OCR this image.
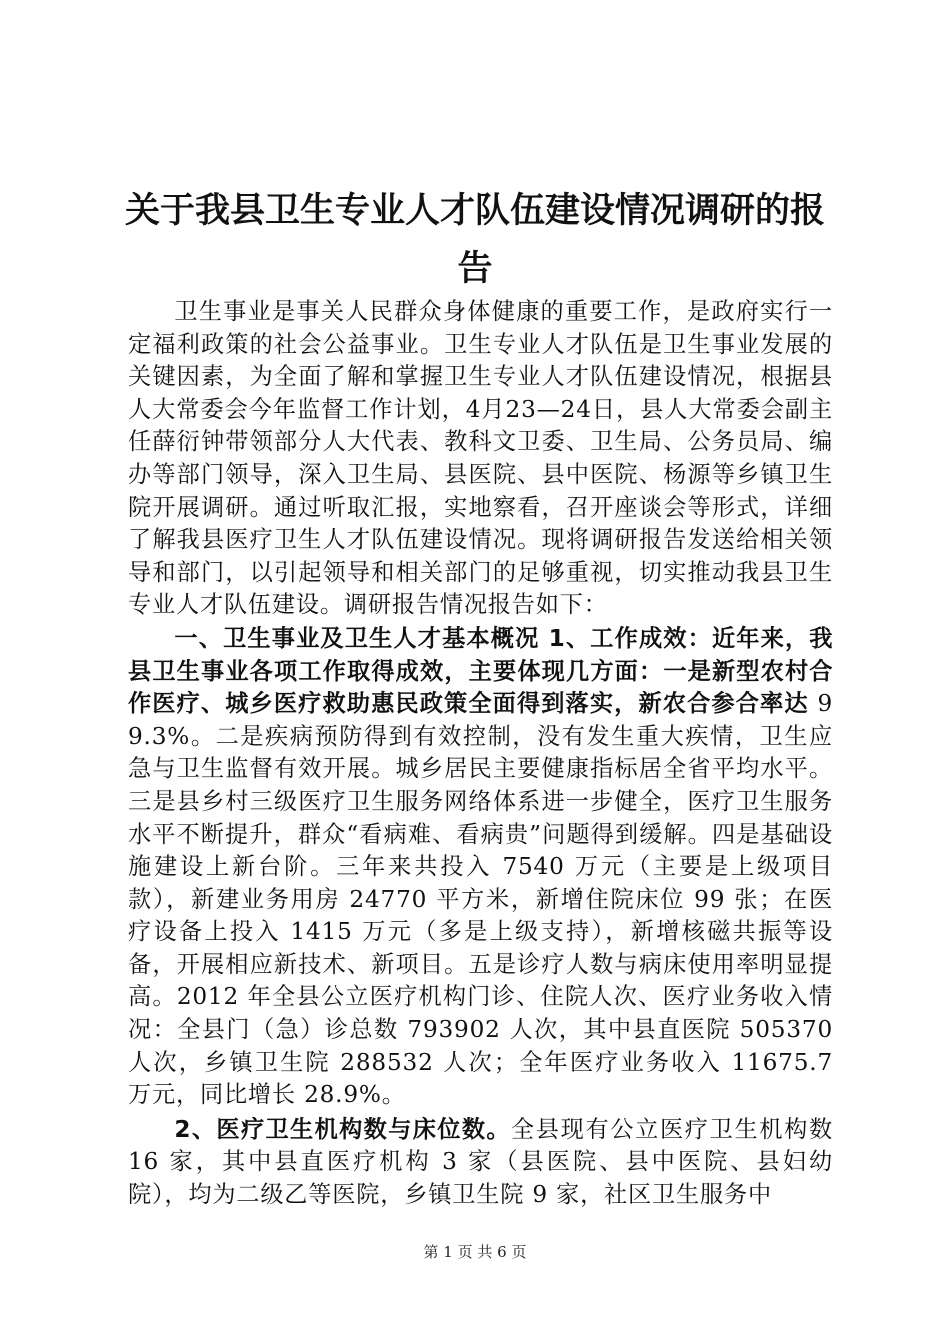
关于我县卫生专业人才队伍建设情况调研的报告

卫生事业是事关人民群众身体健康的重要工作，是政府实行一定福利政策的社会公益事业。卫生专业人才队伍是卫生事业发展的关键因素，为全面了解和掌握卫生专业人才队伍建设情况，根据县人大常委会今年监督工作计划，4月23—24日，县人大常委会副主任薛衍钟带领部分人大代表、教科文卫委、卫生局、公务员局、编办等部门领导，深入卫生局、县医院、县中医院、杨源等乡镇卫生院开展调研。通过听取汇报，实地察看，召开座谈会等形式，详细了解我县医疗卫生人才队伍建设情况。现将调研报告发送给相关领导和部门，以引起领导和相关部门的足够重视，切实推动我县卫生专业人才队伍建设。调研报告情况报告如下：

一、卫生事业及卫生人才基本概况 1、工作成效：近年来，我县卫生事业各项工作取得成效，主要体现几方面：一是新型农村合作医疗、城乡医疗救助惠民政策全面得到落实，新农合参合率达 99.3%。二是疾病预防得到有效控制，没有发生重大疾情，卫生应急与卫生监督有效开展。城乡居民主要健康指标居全省平均水平。三是县乡村三级医疗卫生服务网络体系进一步健全，医疗卫生服务水平不断提升，群众“看病难、看病贵”问题得到缓解。四是基础设施建设上新台阶。三年来共投入 7540 万元（主要是上级项目款），新建业务用房 24770 平方米，新增住院床位 99 张；在医疗设备上投入 1415 万元（多是上级支持），新增核磁共振等设备，开展相应新技术、新项目。五是诊疗人数与病床使用率明显提高。2012 年全县公立医疗机构门诊、住院人次、医疗业务收入情况：全县门（急）诊总数 793902 人次，其中县直医院 505370 人次，乡镇卫生院 288532 人次；全年医疗业务收入 11675.7 万元，同比增长 28.9%。

2、医疗卫生机构数与床位数。全县现有公立医疗卫生机构数 16 家，其中县直医疗机构 3 家（县医院、县中医院、县妇幼院），均为二级乙等医院，乡镇卫生院 9 家，社区卫生服务中

第 1 页 共 6 页
